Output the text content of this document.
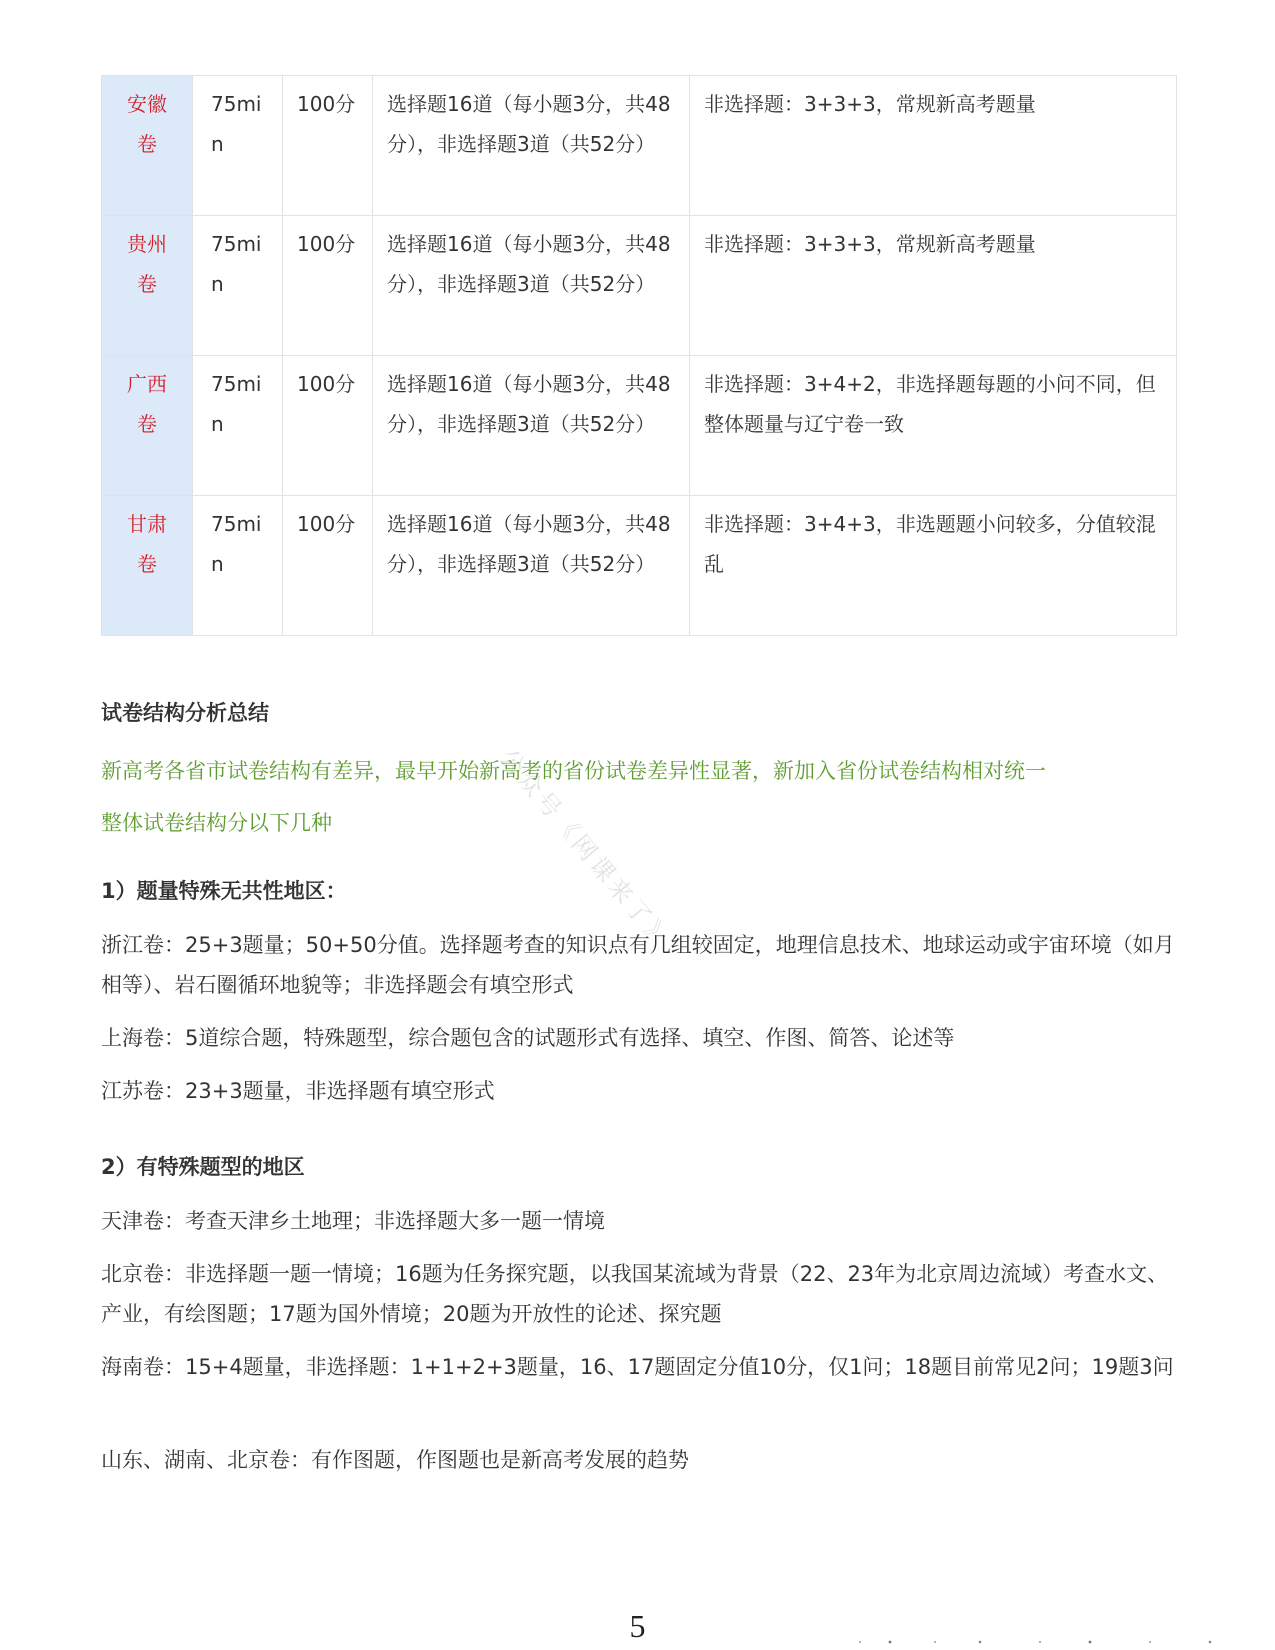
安徽卷	75min	100分	选择题16道（每小题3分，共48分），非选择题3道（共52分）	非选择题：3+3+3，常规新高考题量
贵州卷	75min	100分	选择题16道（每小题3分，共48分），非选择题3道（共52分）	非选择题：3+3+3，常规新高考题量
广西卷	75min	100分	选择题16道（每小题3分，共48分），非选择题3道（共52分）	非选择题：3+4+2，非选择题每题的小问不同，但整体题量与辽宁卷一致
甘肃卷	75min	100分	选择题16道（每小题3分，共48分），非选择题3道（共52分）	非选择题：3+4+3，非选题题小问较多，分值较混乱
试卷结构分析总结

新高考各省市试卷结构有差异，最早开始新高考的省份试卷差异性显著，新加入省份试卷结构相对统一

整体试卷结构分以下几种

1）题量特殊无共性地区：

浙江卷：25+3题量；50+50分值。选择题考查的知识点有几组较固定，地理信息技术、地球运动或宇宙环境（如月相等）、岩石圈循环地貌等；非选择题会有填空形式

上海卷：5道综合题，特殊题型，综合题包含的试题形式有选择、填空、作图、简答、论述等

江苏卷：23+3题量，非选择题有填空形式

2）有特殊题型的地区

天津卷：考查天津乡土地理；非选择题大多一题一情境

北京卷：非选择题一题一情境；16题为任务探究题，以我国某流域为背景（22、23年为北京周边流域）考查水文、产业，有绘图题；17题为国外情境；20题为开放性的论述、探究题

海南卷：15+4题量，非选择题：1+1+2+3题量，16、17题固定分值10分，仅1问；18题目前常见2问；19题3问

山东、湖南、北京卷：有作图题，作图题也是新高考发展的趋势

公众号《网课来了》
5
